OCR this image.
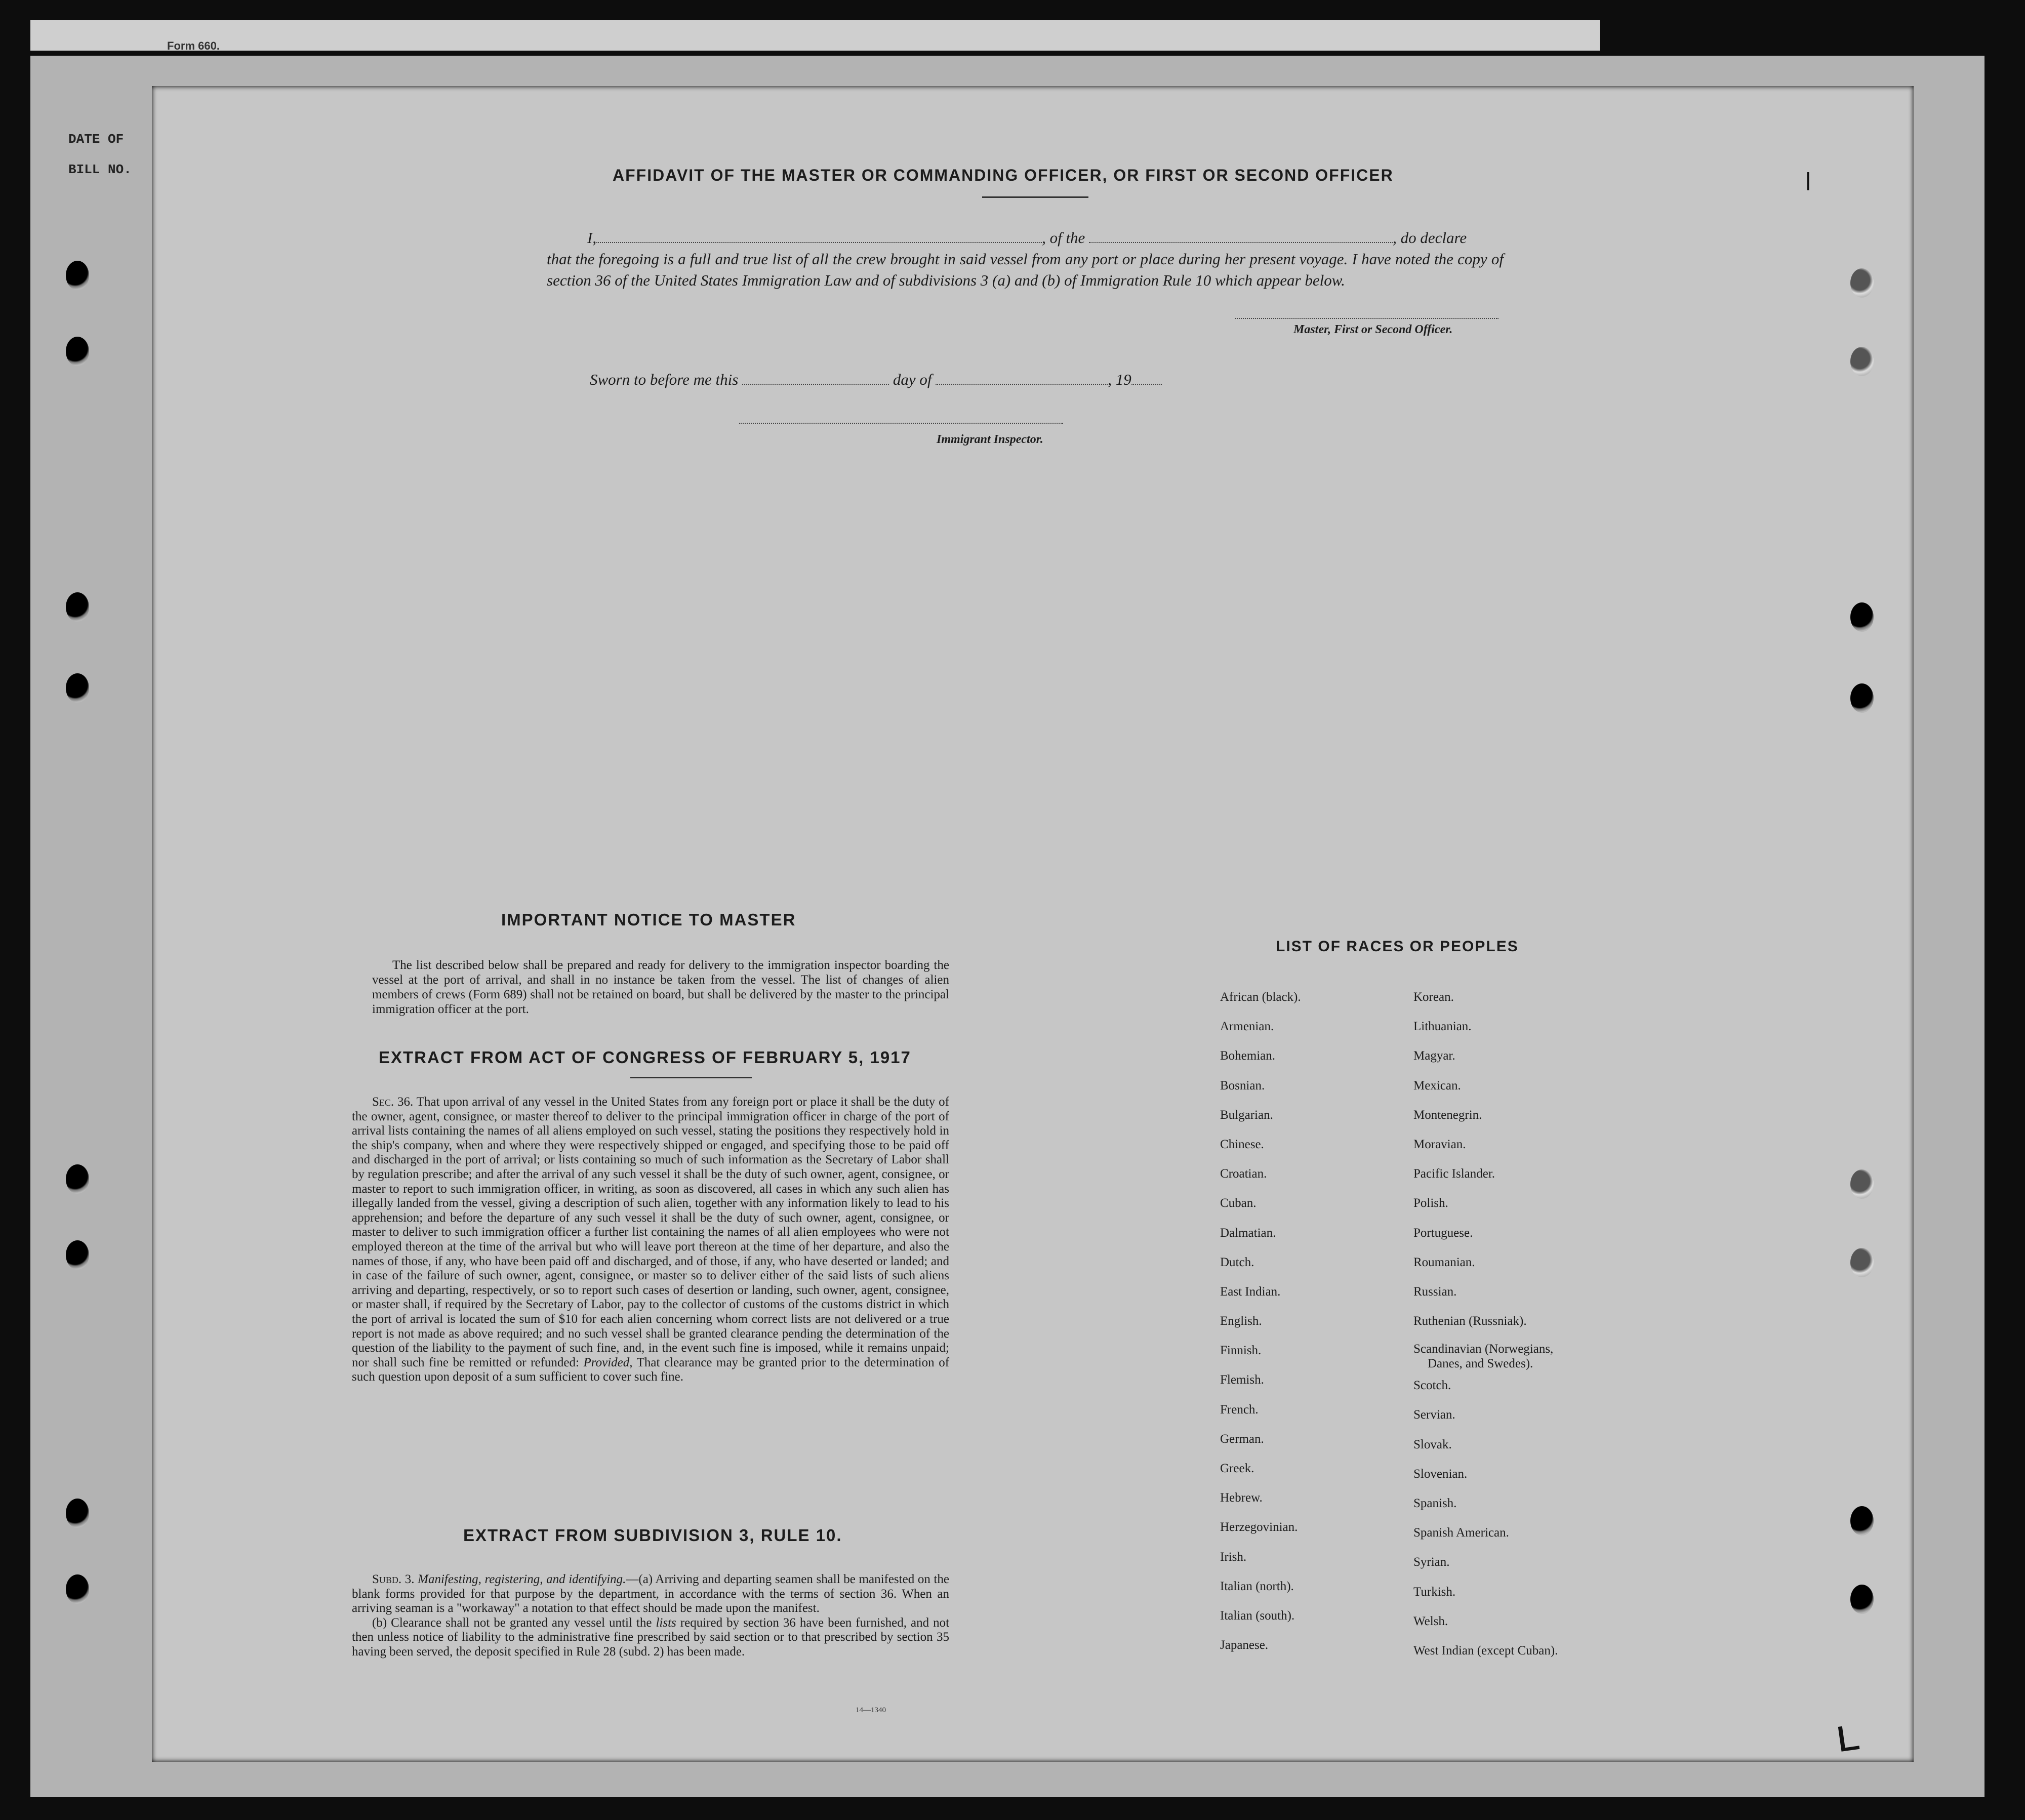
Form 660.
DATE OF
BILL NO.	|
ʟ
AFFIDAVIT OF THE MASTER OR COMMANDING OFFICER, OR FIRST OR SECOND OFFICER
I,	, of the	, do declare
that the foregoing is a full and true list of all the crew brought in said vessel from any port or place during her present voyage. I have noted the copy of section 36 of the United States Immigration Law and of subdivisions 3 (a) and (b) of Immigration Rule 10 which appear below.
Master, First or Second Officer.
Sworn to before me this	day of	, 19
Immigrant Inspector.
IMPORTANT NOTICE TO MASTER
The list described below shall be prepared and ready for delivery to the immigration inspector boarding the vessel at the port of arrival, and shall in no instance be taken from the vessel. The list of changes of alien members of crews (Form 689) shall not be retained on board, but shall be delivered by the master to the principal immigration officer at the port.
EXTRACT FROM ACT OF CONGRESS OF FEBRUARY 5, 1917
Sec. 36. That upon arrival of any vessel in the United States from any foreign port or place it shall be the duty of the owner, agent, consignee, or master thereof to deliver to the principal immigration officer in charge of the port of arrival lists containing the names of all aliens employed on such vessel, stating the positions they respectively hold in the ship's company, when and where they were respectively shipped or engaged, and specifying those to be paid off and discharged in the port of arrival; or lists containing so much of such information as the Secretary of Labor shall by regulation prescribe; and after the arrival of any such vessel it shall be the duty of such owner, agent, consignee, or master to report to such immigration officer, in writing, as soon as discovered, all cases in which any such alien has illegally landed from the vessel, giving a description of such alien, together with any information likely to lead to his apprehension; and before the departure of any such vessel it shall be the duty of such owner, agent, consignee, or master to deliver to such immigration officer a further list containing the names of all alien employees who were not employed thereon at the time of the arrival but who will leave port thereon at the time of her departure, and also the names of those, if any, who have been paid off and discharged, and of those, if any, who have deserted or landed; and in case of the failure of such owner, agent, consignee, or master so to deliver either of the said lists of such aliens arriving and departing, respectively, or so to report such cases of desertion or landing, such owner, agent, consignee, or master shall, if required by the Secretary of Labor, pay to the collector of customs of the customs district in which the port of arrival is located the sum of $10 for each alien concerning whom correct lists are not delivered or a true report is not made as above required; and no such vessel shall be granted clearance pending the determination of the question of the liability to the payment of such fine, and, in the event such fine is imposed, while it remains unpaid; nor shall such fine be remitted or refunded: Provided, That clearance may be granted prior to the determination of such question upon deposit of a sum sufficient to cover such fine.
EXTRACT FROM SUBDIVISION 3, RULE 10.

Subd. 3. Manifesting, registering, and identifying.—(a) Arriving and departing seamen shall be manifested on the blank forms provided for that purpose by the department, in accordance with the terms of section 36. When an arriving seaman is a "workaway" a notation to that effect should be made upon the manifest.

(b) Clearance shall not be granted any vessel until the lists required by section 36 have been furnished, and not then unless notice of liability to the administrative fine prescribed by said section or to that prescribed by section 35 having been served, the deposit specified in Rule 28 (subd. 2) has been made.

14—1340
LIST OF RACES OR PEOPLES
African (black).
Armenian.
Bohemian.
Bosnian.
Bulgarian.
Chinese.
Croatian.
Cuban.
Dalmatian.
Dutch.
East Indian.
English.
Finnish.
Flemish.
French.
German.
Greek.
Hebrew.
Herzegovinian.
Irish.
Italian (north).
Italian (south).
Japanese.
Korean.
Lithuanian.
Magyar.
Mexican.
Montenegrin.
Moravian.
Pacific Islander.
Polish.
Portuguese.
Roumanian.
Russian.
Ruthenian (Russniak).
Scandinavian (Norwegians,
Danes, and Swedes).
Scotch.
Servian.
Slovak.
Slovenian.
Spanish.
Spanish American.
Syrian.
Turkish.
Welsh.
West Indian (except Cuban).
